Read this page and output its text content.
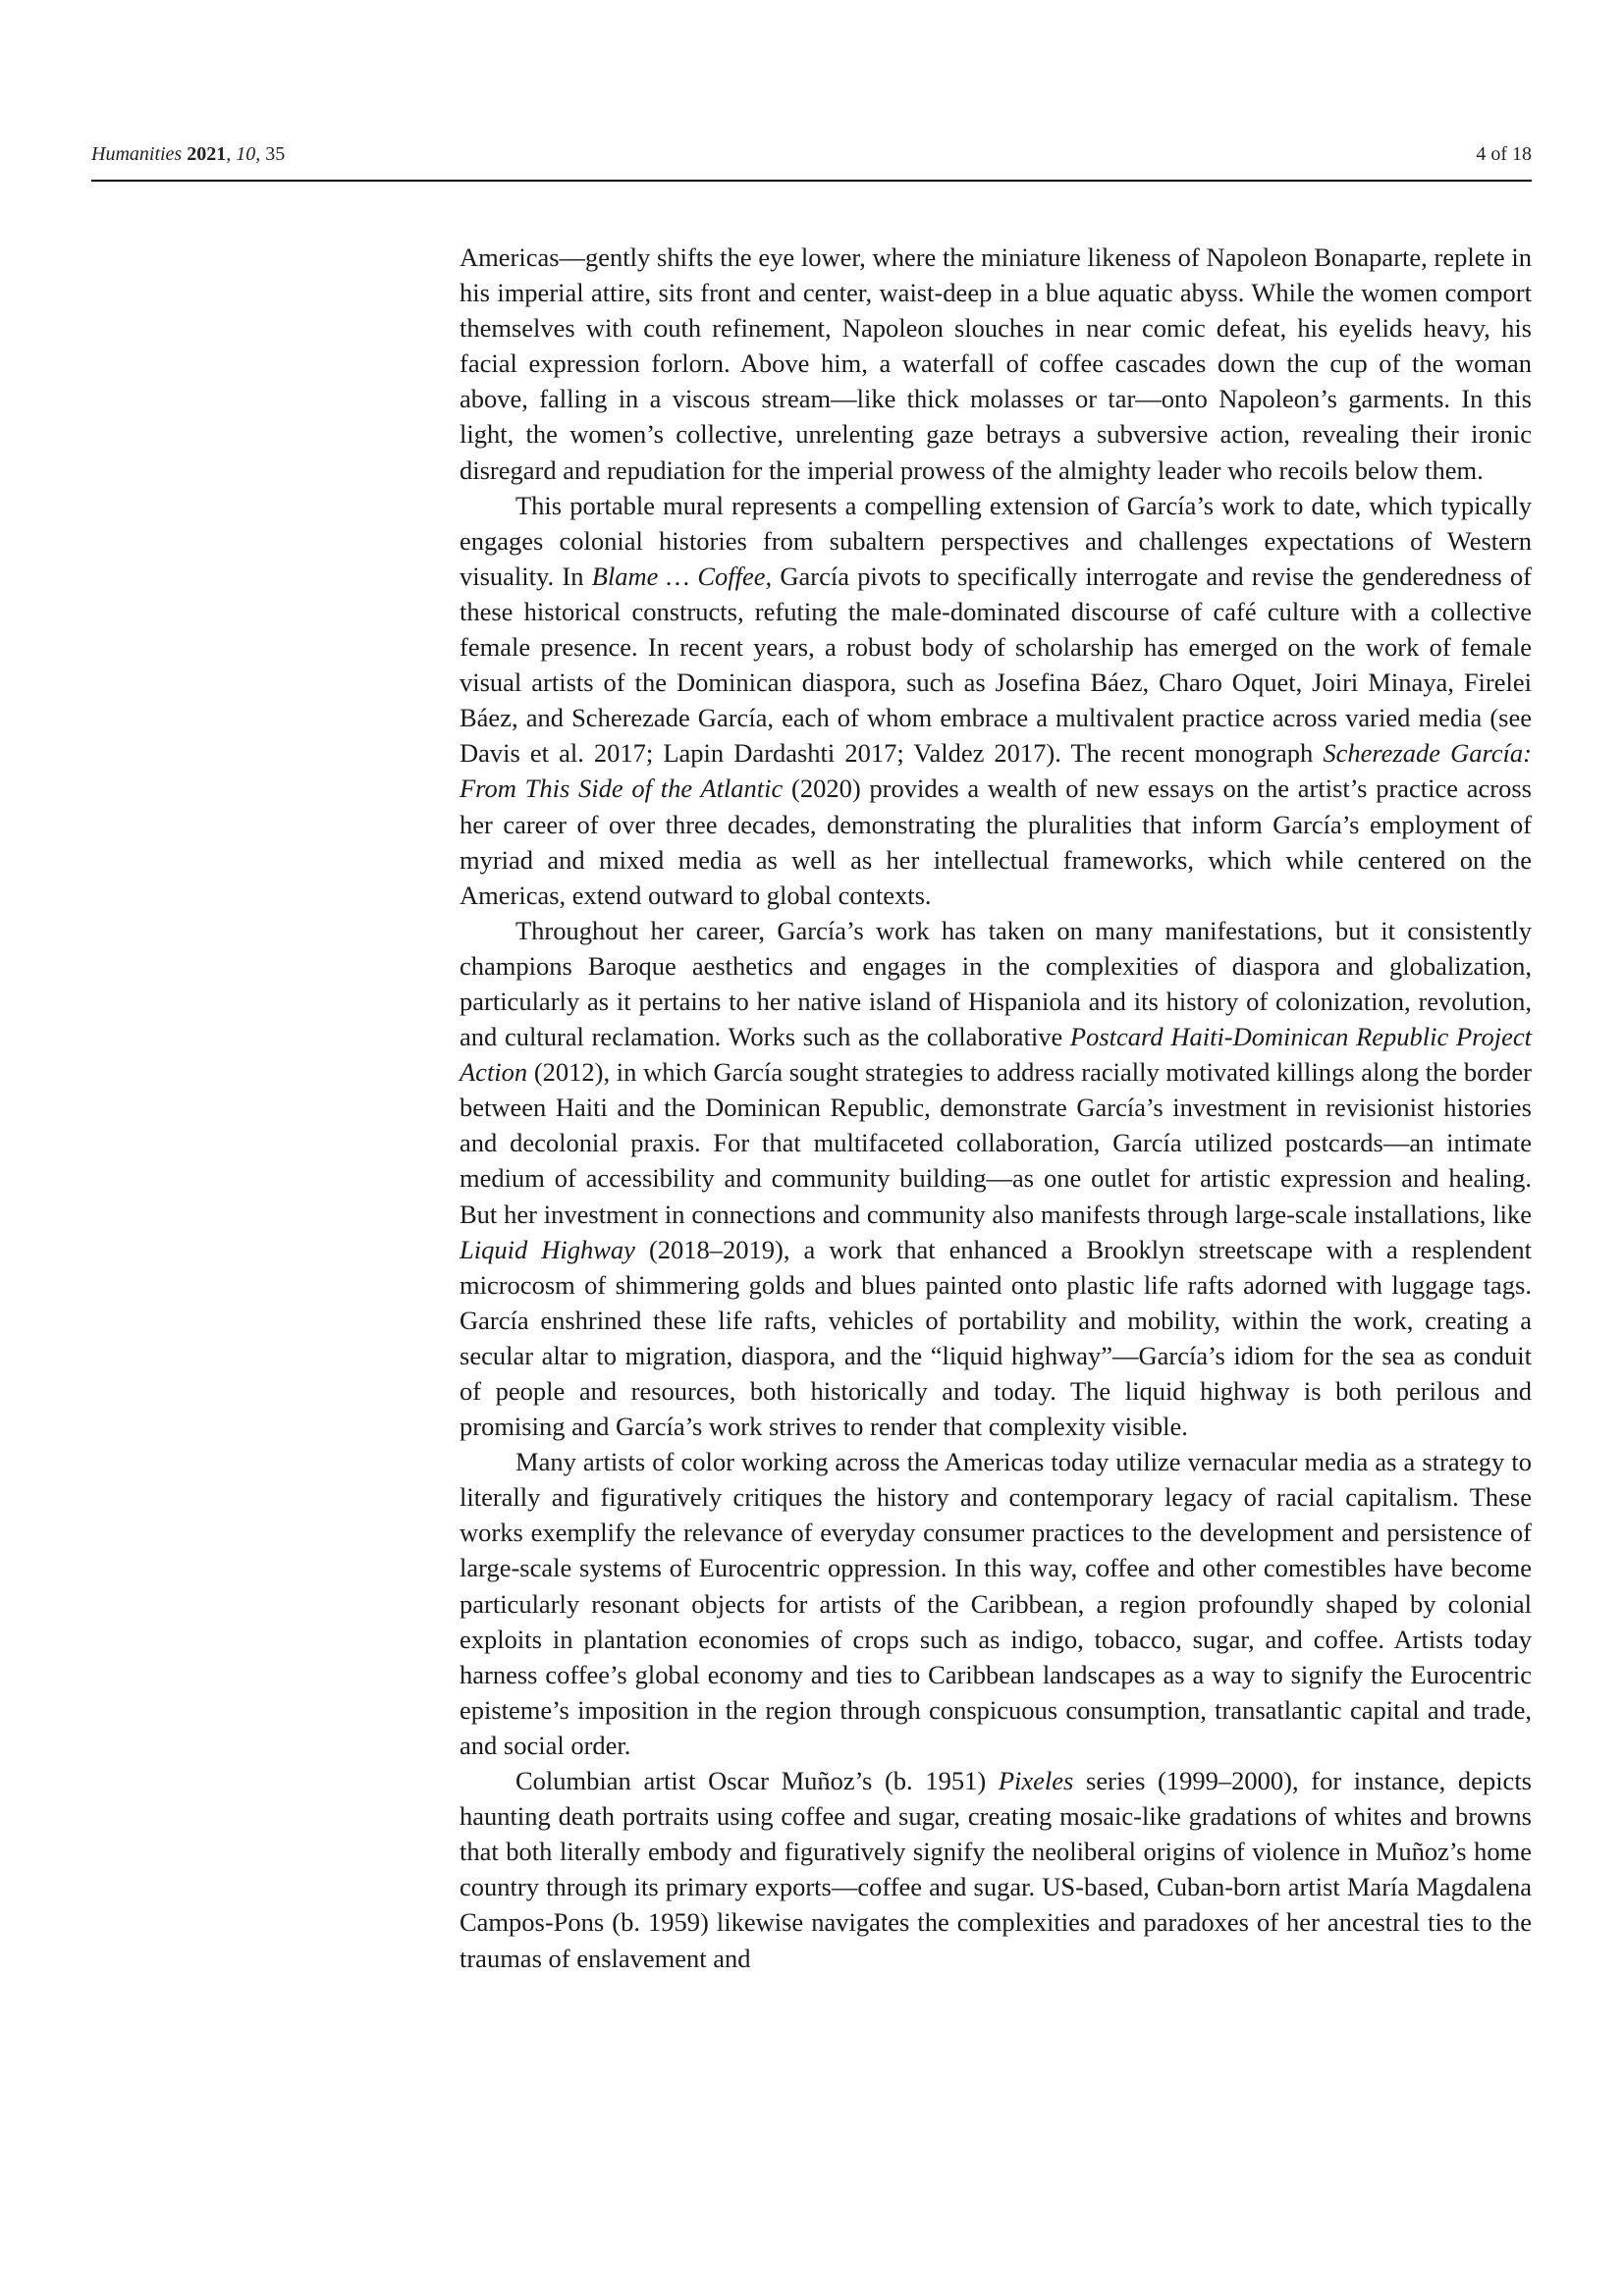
Humanities 2021, 10, 35	4 of 18

Americas—gently shifts the eye lower, where the miniature likeness of Napoleon Bonaparte, replete in his imperial attire, sits front and center, waist-deep in a blue aquatic abyss. While the women comport themselves with couth refinement, Napoleon slouches in near comic defeat, his eyelids heavy, his facial expression forlorn. Above him, a waterfall of coffee cascades down the cup of the woman above, falling in a viscous stream—like thick molasses or tar—onto Napoleon’s garments. In this light, the women’s collective, unrelenting gaze betrays a subversive action, revealing their ironic disregard and repudiation for the imperial prowess of the almighty leader who recoils below them.

This portable mural represents a compelling extension of García’s work to date, which typically engages colonial histories from subaltern perspectives and challenges expectations of Western visuality. In Blame … Coffee, García pivots to specifically interrogate and revise the genderedness of these historical constructs, refuting the male-dominated discourse of café culture with a collective female presence. In recent years, a robust body of scholarship has emerged on the work of female visual artists of the Dominican diaspora, such as Josefina Báez, Charo Oquet, Joiri Minaya, Firelei Báez, and Scherezade García, each of whom embrace a multivalent practice across varied media (see Davis et al. 2017; Lapin Dardashti 2017; Valdez 2017). The recent monograph Scherezade García: From This Side of the Atlantic (2020) provides a wealth of new essays on the artist’s practice across her career of over three decades, demonstrating the pluralities that inform García’s employment of myriad and mixed media as well as her intellectual frameworks, which while centered on the Americas, extend outward to global contexts.

Throughout her career, García’s work has taken on many manifestations, but it consistently champions Baroque aesthetics and engages in the complexities of diaspora and globalization, particularly as it pertains to her native island of Hispaniola and its history of colonization, revolution, and cultural reclamation. Works such as the collaborative Postcard Haiti-Dominican Republic Project Action (2012), in which García sought strategies to address racially motivated killings along the border between Haiti and the Dominican Republic, demonstrate García’s investment in revisionist histories and decolonial praxis. For that multifaceted collaboration, García utilized postcards—an intimate medium of accessibility and community building—as one outlet for artistic expression and healing. But her investment in connections and community also manifests through large-scale installations, like Liquid Highway (2018–2019), a work that enhanced a Brooklyn streetscape with a resplendent microcosm of shimmering golds and blues painted onto plastic life rafts adorned with luggage tags. García enshrined these life rafts, vehicles of portability and mobility, within the work, creating a secular altar to migration, diaspora, and the “liquid highway”—García’s idiom for the sea as conduit of people and resources, both historically and today. The liquid highway is both perilous and promising and García’s work strives to render that complexity visible.

Many artists of color working across the Americas today utilize vernacular media as a strategy to literally and figuratively critiques the history and contemporary legacy of racial capitalism. These works exemplify the relevance of everyday consumer practices to the development and persistence of large-scale systems of Eurocentric oppression. In this way, coffee and other comestibles have become particularly resonant objects for artists of the Caribbean, a region profoundly shaped by colonial exploits in plantation economies of crops such as indigo, tobacco, sugar, and coffee. Artists today harness coffee’s global economy and ties to Caribbean landscapes as a way to signify the Eurocentric episteme’s imposition in the region through conspicuous consumption, transatlantic capital and trade, and social order.

Columbian artist Oscar Muñoz’s (b. 1951) Pixeles series (1999–2000), for instance, depicts haunting death portraits using coffee and sugar, creating mosaic-like gradations of whites and browns that both literally embody and figuratively signify the neoliberal origins of violence in Muñoz’s home country through its primary exports—coffee and sugar. US-based, Cuban-born artist María Magdalena Campos-Pons (b. 1959) likewise navigates the complexities and paradoxes of her ancestral ties to the traumas of enslavement and
